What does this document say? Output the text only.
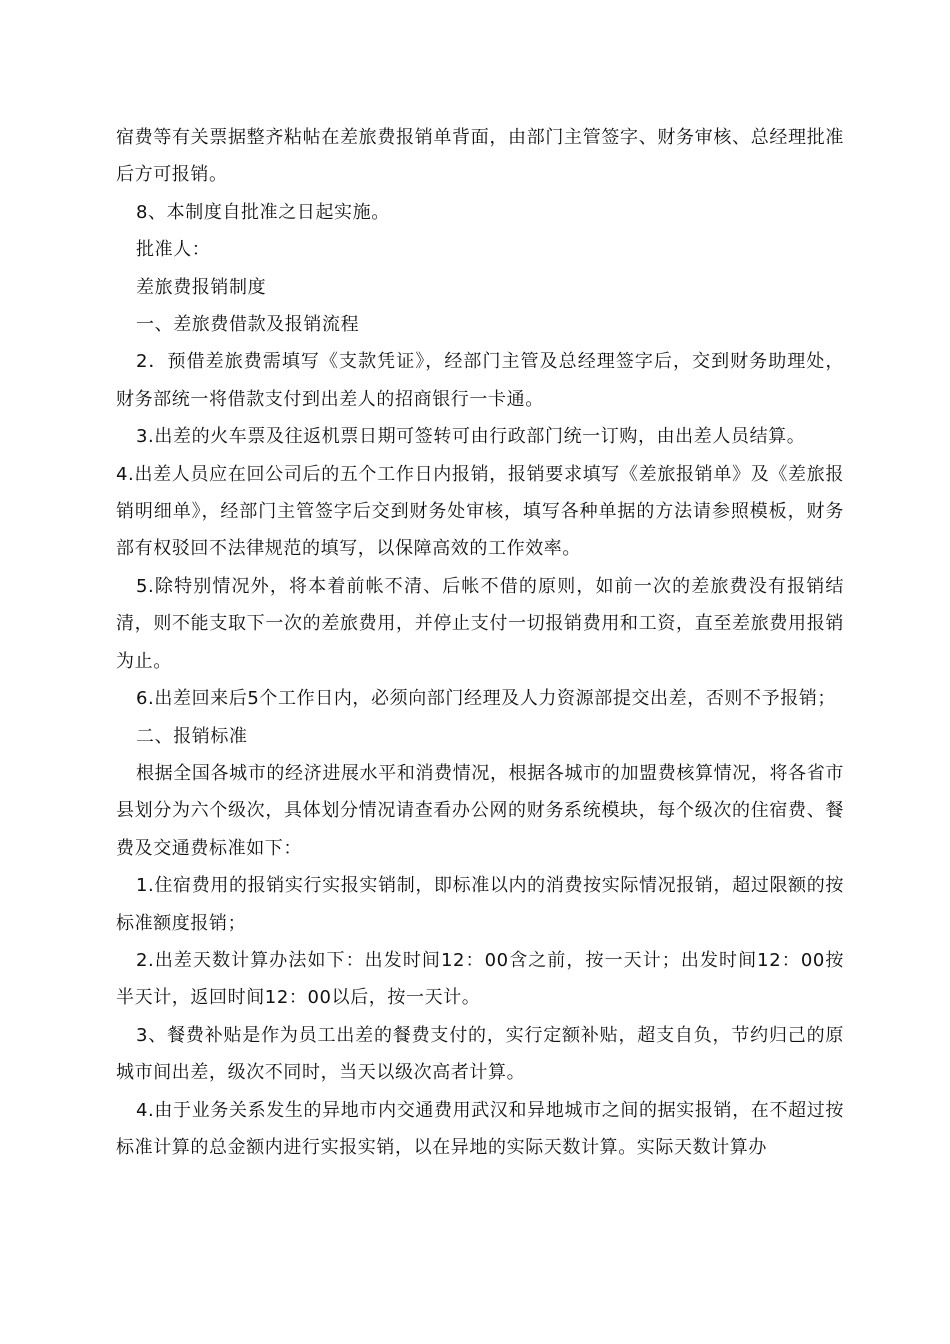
宿费等有关票据整齐粘帖在差旅费报销单背面，由部门主管签字、财务审核、总经理批准后方可报销。

8、本制度自批准之日起实施。

批准人：

差旅费报销制度

一、差旅费借款及报销流程

2．预借差旅费需填写《支款凭证》，经部门主管及总经理签字后，交到财务助理处，财务部统一将借款支付到出差人的招商银行一卡通。

3.出差的火车票及往返机票日期可签转可由行政部门统一订购，由出差人员结算。

4.出差人员应在回公司后的五个工作日内报销，报销要求填写《差旅报销单》及《差旅报销明细单》，经部门主管签字后交到财务处审核，填写各种单据的方法请参照模板，财务部有权驳回不法律规范的填写，以保障高效的工作效率。

5.除特别情况外，将本着前帐不清、后帐不借的原则，如前一次的差旅费没有报销结清，则不能支取下一次的差旅费用，并停止支付一切报销费用和工资，直至差旅费用报销为止。

6.出差回来后5个工作日内，必须向部门经理及人力资源部提交出差，否则不予报销；

二、报销标准

根据全国各城市的经济进展水平和消费情况，根据各城市的加盟费核算情况，将各省市县划分为六个级次，具体划分情况请查看办公网的财务系统模块，每个级次的住宿费、餐费及交通费标准如下：

1.住宿费用的报销实行实报实销制，即标准以内的消费按实际情况报销，超过限额的按标准额度报销；

2.出差天数计算办法如下：出发时间12：00含之前，按一天计；出发时间12：00按半天计，返回时间12：00以后，按一天计。

3、餐费补贴是作为员工出差的餐费支付的，实行定额补贴，超支自负，节约归己的原城市间出差，级次不同时，当天以级次高者计算。

4.由于业务关系发生的异地市内交通费用武汉和异地城市之间的据实报销，在不超过按标准计算的总金额内进行实报实销，以在异地的实际天数计算。实际天数计算办
